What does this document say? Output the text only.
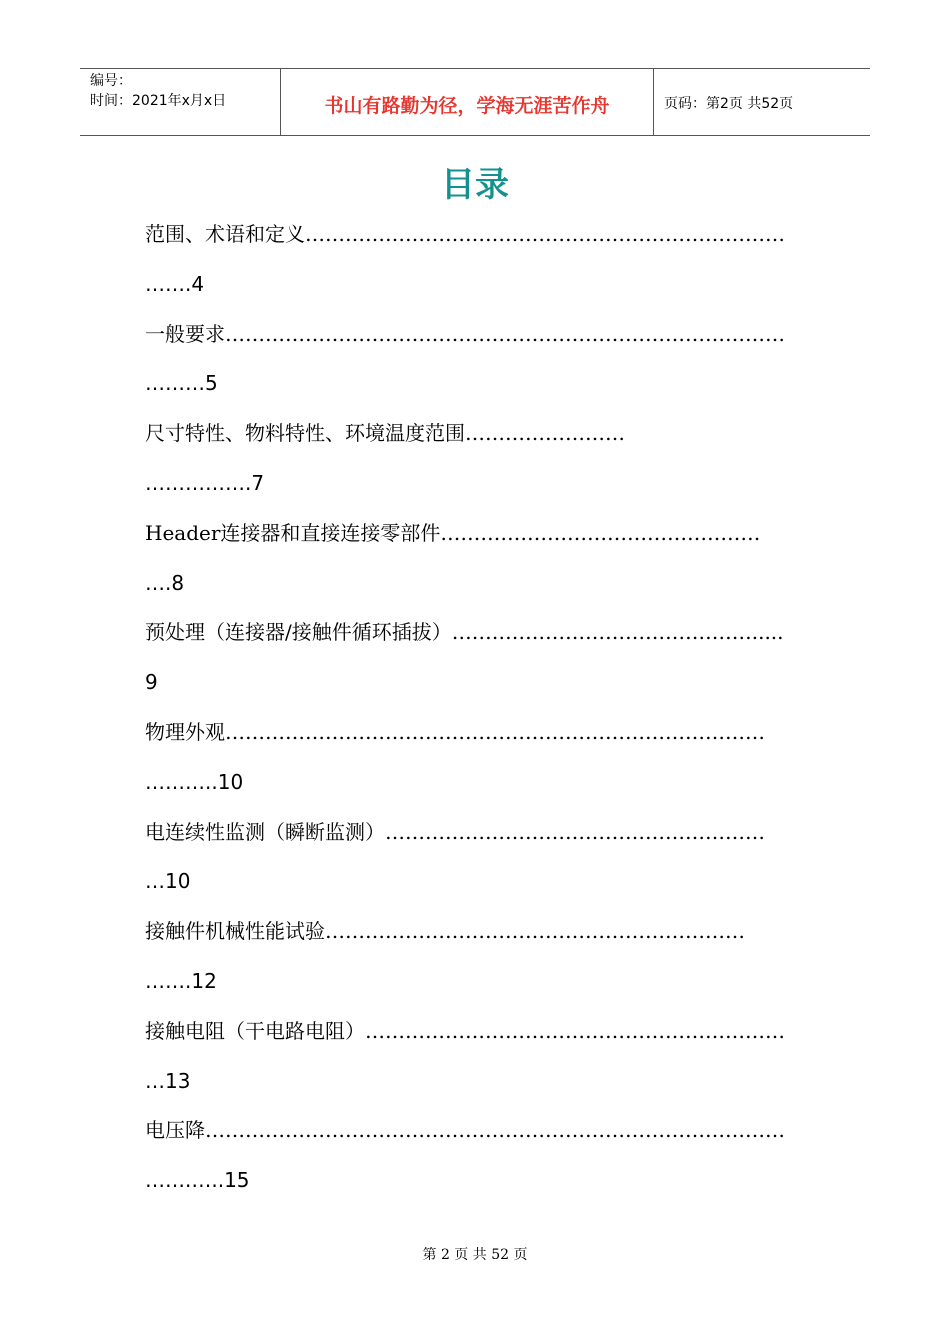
编号：
时间：2021年x月x日	书山有路勤为径，学海无涯苦作舟	页码：第2页 共52页
目录
范围、术语和定义………………………………………………………………
…….4
一般要求…………………………………………………………………………
………5
尺寸特性、物料特性、环境温度范围……………………
…………….7
Header连接器和直接连接零部件…………………………………………
….8
预处理（连接器/接触件循环插拔）……………………………………….....
9
物理外观………………………………………………………………………
………..10
电连续性监测（瞬断监测）…………………………………………………
…10
接触件机械性能试验………………………………………………………
…….12
接触电阻（干电路电阻）………………………………………………………
…13
电压降……………………………………………………………………………
…….…..15
第 2 页 共 52 页
